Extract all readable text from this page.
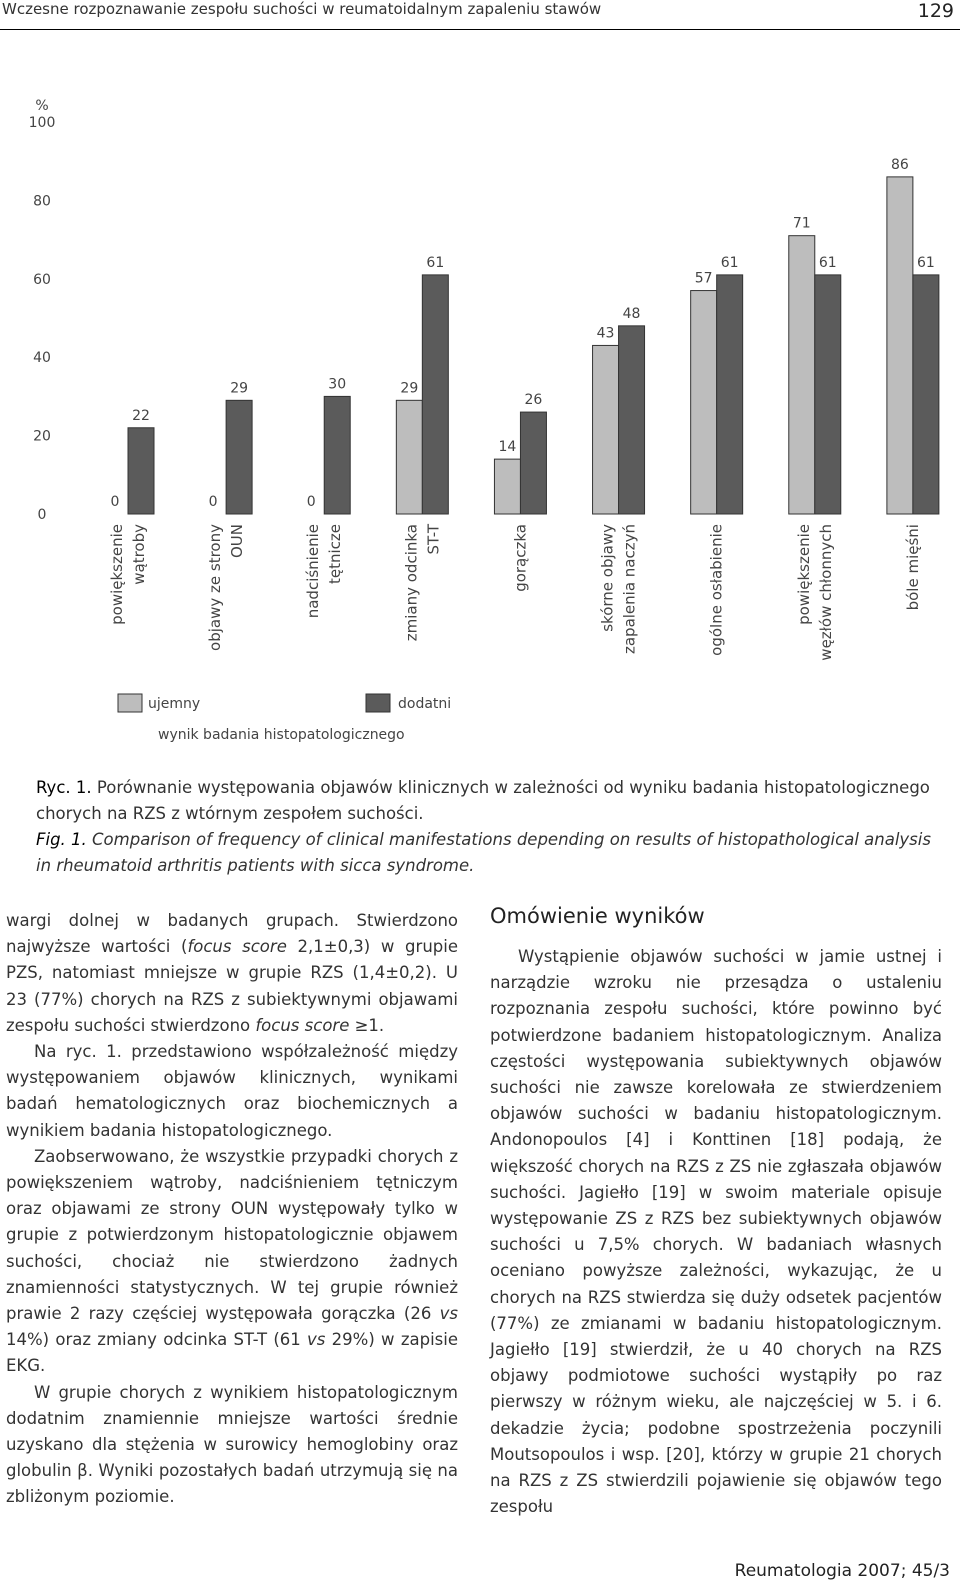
Wczesne rozpoznawanie zespołu suchości w reumatoidalnym zapaleniu stawów	129
%
0
20
40
60
80
100
0
22
powiększenie wątroby
0
29
objawy ze strony OUN
0
30
nadciśnienie tętnicze
29
61
zmiany odcinka ST-T
14
26
gorączka
43
48
skórne objawy zapalenia naczyń
57
61
ogólne osłabienie
71
61
powiększenie węzłów chłonnych
86
61
bóle mięśni
ujemny	dodatni
wynik badania histopatologicznego
Ryc. 1. Porównanie występowania objawów klinicznych w zależności od wyniku badania histopatologicznego chorych na RZS z wtórnym zespołem suchości.
Fig. 1. Comparison of frequency of clinical manifestations depending on results of histopathological analysis in rheumatoid arthritis patients with sicca syndrome.

wargi dolnej w badanych grupach. Stwierdzono najwyższe wartości (focus score 2,1±0,3) w grupie PZS, natomiast mniejsze w grupie RZS (1,4±0,2). U 23 (77%) chorych na RZS z subiektywnymi objawami zespołu suchości stwierdzono focus score ≥1.

Na ryc. 1. przedstawiono współzależność między występowaniem objawów klinicznych, wynikami badań hematologicznych oraz biochemicznych a wynikiem badania histopatologicznego.

Zaobserwowano, że wszystkie przypadki chorych z powiększeniem wątroby, nadciśnieniem tętniczym oraz objawami ze strony OUN występowały tylko w grupie z potwierdzonym histopatologicznie objawem suchości, chociaż nie stwierdzono żadnych znamienności statystycznych. W tej grupie również prawie 2 razy częściej występowała gorączka (26 vs 14%) oraz zmiany odcinka ST-T (61 vs 29%) w zapisie EKG.

W grupie chorych z wynikiem histopatologicznym dodatnim znamiennie mniejsze wartości średnie uzyskano dla stężenia w surowicy hemoglobiny oraz globulin β. Wyniki pozostałych badań utrzymują się na zbliżonym poziomie.

Omówienie wyników

Wystąpienie objawów suchości w jamie ustnej i narządzie wzroku nie przesądza o ustaleniu rozpoznania zespołu suchości, które powinno być potwierdzone badaniem histopatologicznym. Analiza częstości występowania subiektywnych objawów suchości nie zawsze korelowała ze stwierdzeniem objawów suchości w badaniu histopatologicznym. Andonopoulos [4] i Konttinen [18] podają, że większość chorych na RZS z ZS nie zgłaszała objawów suchości. Jagiełło [19] w swoim materiale opisuje występowanie ZS z RZS bez subiektywnych objawów suchości u 7,5% chorych. W badaniach własnych oceniano powyższe zależności, wykazując, że u chorych na RZS stwierdza się duży odsetek pacjentów (77%) ze zmianami w badaniu histopatologicznym. Jagiełło [19] stwierdził, że u 40 chorych na RZS objawy podmiotowe suchości wystąpiły po raz pierwszy w różnym wieku, ale najczęściej w 5. i 6. dekadzie życia; podobne spostrzeżenia poczynili Moutsopoulos i wsp. [20], którzy w grupie 21 chorych na RZS z ZS stwierdzili pojawienie się objawów tego zespołu

Reumatologia 2007; 45/3
